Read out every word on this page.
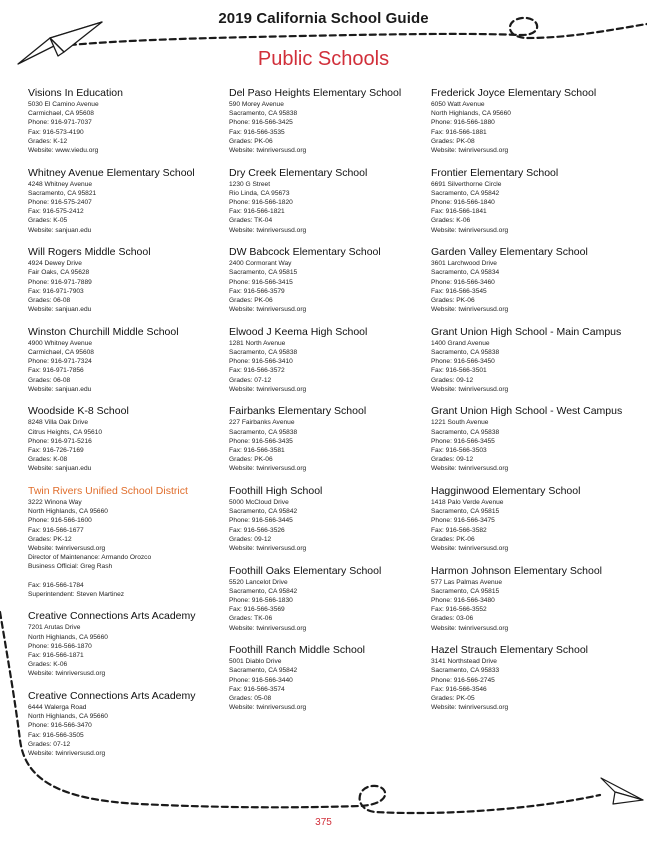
2019 California School Guide
Public Schools
Visions In Education
5030 El Camino Avenue
Carmichael, CA 95608
Phone: 916-971-7037
Fax: 916-573-4190
Grades: K-12
Website: www.viedu.org
Whitney Avenue Elementary School
4248 Whitney Avenue
Sacramento, CA 95821
Phone: 916-575-2407
Fax: 916-575-2412
Grades: K-05
Website: sanjuan.edu
Will Rogers Middle School
4924 Dewey Drive
Fair Oaks, CA 95628
Phone: 916-971-7889
Fax: 916-971-7903
Grades: 06-08
Website: sanjuan.edu
Winston Churchill Middle School
4900 Whitney Avenue
Carmichael, CA 95608
Phone: 916-971-7324
Fax: 916-971-7856
Grades: 06-08
Website: sanjuan.edu
Woodside K-8 School
8248 Villa Oak Drive
Citrus Heights, CA 95610
Phone: 916-971-5216
Fax: 916-726-7169
Grades: K-08
Website: sanjuan.edu
Twin Rivers Unified School District
3222 Winona Way
North Highlands, CA 95660
Phone: 916-566-1600
Fax: 916-566-1677
Grades: PK-12
Website: twinriversusd.org
Director of Maintenance: Armando Orozco
Business Official: Greg Rash
Fax: 916-566-1784
Superintendent: Steven Martinez
Creative Connections Arts Academy
7201 Arutas Drive
North Highlands, CA 95660
Phone: 916-566-1870
Fax: 916-566-1871
Grades: K-06
Website: twinriversusd.org
Creative Connections Arts Academy
6444 Walerga Road
North Highlands, CA 95660
Phone: 916-566-3470
Fax: 916-566-3505
Grades: 07-12
Website: twinriversusd.org
Del Paso Heights Elementary School
590 Morey Avenue
Sacramento, CA 95838
Phone: 916-566-3425
Fax: 916-566-3535
Grades: PK-06
Website: twinriversusd.org
Dry Creek Elementary School
1230 G Street
Rio Linda, CA 95673
Phone: 916-566-1820
Fax: 916-566-1821
Grades: TK-04
Website: twinriversusd.org
DW Babcock Elementary School
2400 Cormorant Way
Sacramento, CA 95815
Phone: 916-566-3415
Fax: 916-566-3579
Grades: PK-06
Website: twinriversusd.org
Elwood J Keema High School
1281 North Avenue
Sacramento, CA 95838
Phone: 916-566-3410
Fax: 916-566-3572
Grades: 07-12
Website: twinriversusd.org
Fairbanks Elementary School
227 Fairbanks Avenue
Sacramento, CA 95838
Phone: 916-566-3435
Fax: 916-566-3581
Grades: PK-06
Website: twinriversusd.org
Foothill High School
5000 McCloud Drive
Sacramento, CA 95842
Phone: 916-566-3445
Fax: 916-566-3526
Grades: 09-12
Website: twinriversusd.org
Foothill Oaks Elementary School
5520 Lancelot Drive
Sacramento, CA 95842
Phone: 916-566-1830
Fax: 916-566-3569
Grades: TK-06
Website: twinriversusd.org
Foothill Ranch Middle School
5001 Diablo Drive
Sacramento, CA 95842
Phone: 916-566-3440
Fax: 916-566-3574
Grades: 05-08
Website: twinriversusd.org
Frederick Joyce Elementary School
6050 Watt Avenue
North Highlands, CA 95660
Phone: 916-566-1880
Fax: 916-566-1881
Grades: PK-08
Website: twinriversusd.org
Frontier Elementary School
6691 Silverthorne Circle
Sacramento, CA 95842
Phone: 916-566-1840
Fax: 916-566-1841
Grades: K-06
Website: twinriversusd.org
Garden Valley Elementary School
3601 Larchwood Drive
Sacramento, CA 95834
Phone: 916-566-3460
Fax: 916-566-3545
Grades: PK-06
Website: twinriversusd.org
Grant Union High School - Main Campus
1400 Grand Avenue
Sacramento, CA 95838
Phone: 916-566-3450
Fax: 916-566-3501
Grades: 09-12
Website: twinriversusd.org
Grant Union High School - West Campus
1221 South Avenue
Sacramento, CA 95838
Phone: 916-566-3455
Fax: 916-566-3503
Grades: 09-12
Website: twinriversusd.org
Hagginwood Elementary School
1418 Palo Verde Avenue
Sacramento, CA 95815
Phone: 916-566-3475
Fax: 916-566-3582
Grades: PK-06
Website: twinriversusd.org
Harmon Johnson Elementary School
577 Las Palmas Avenue
Sacramento, CA 95815
Phone: 916-566-3480
Fax: 916-566-3552
Grades: 03-06
Website: twinriversusd.org
Hazel Strauch Elementary School
3141 Northstead Drive
Sacramento, CA 95833
Phone: 916-566-2745
Fax: 916-566-3546
Grades: PK-05
Website: twinriversusd.org
375
